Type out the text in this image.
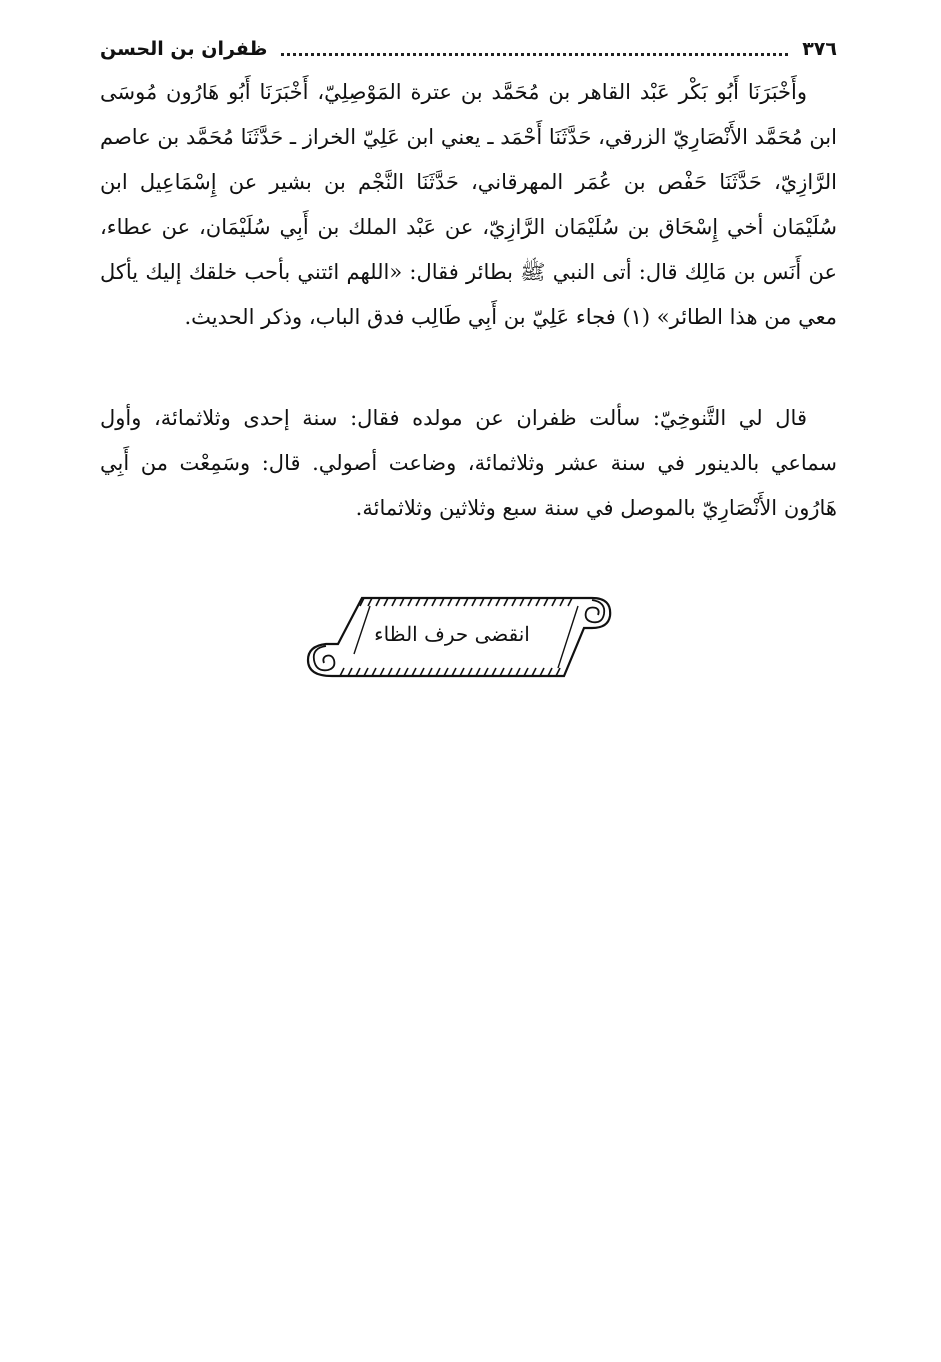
٣٧٦
ظفران بن الحسن

وأَخْبَرَنَا أَبُو بَكْر عَبْد القاهر بن مُحَمَّد بن عترة المَوْصِلِيّ، أَخْبَرَنَا أَبُو هَارُون مُوسَى ابن مُحَمَّد الأَنْصَارِيّ الزرقي، حَدَّثَنَا أَحْمَد ـ يعني ابن عَلِيّ الخراز ـ حَدَّثَنَا مُحَمَّد بن عاصم الرَّازِيّ، حَدَّثَنَا حَفْص بن عُمَر المهرقاني، حَدَّثَنَا النَّجْم بن بشير عن إِسْمَاعِيل ابن سُلَيْمَان أخي إِسْحَاق بن سُلَيْمَان الرَّازِيّ، عن عَبْد الملك بن أَبِي سُلَيْمَان، عن عطاء، عن أَنَس بن مَالِك قال: أتى النبي ﷺ بطائر فقال: «اللهم ائتني بأحب خلقك إليك يأكل معي من هذا الطائر» (١) فجاء عَلِيّ بن أَبِي طَالِب فدق الباب، وذكر الحديث.

قال لي التَّنوخِيّ: سألت ظفران عن مولده فقال: سنة إحدى وثلاثمائة، وأول سماعي بالدينور في سنة عشر وثلاثمائة، وضاعت أصولي. قال: وسَمِعْت من أَبِي هَارُون الأَنْصَارِيّ بالموصل في سنة سبع وثلاثين وثلاثمائة.

انقضى حرف الظاء
